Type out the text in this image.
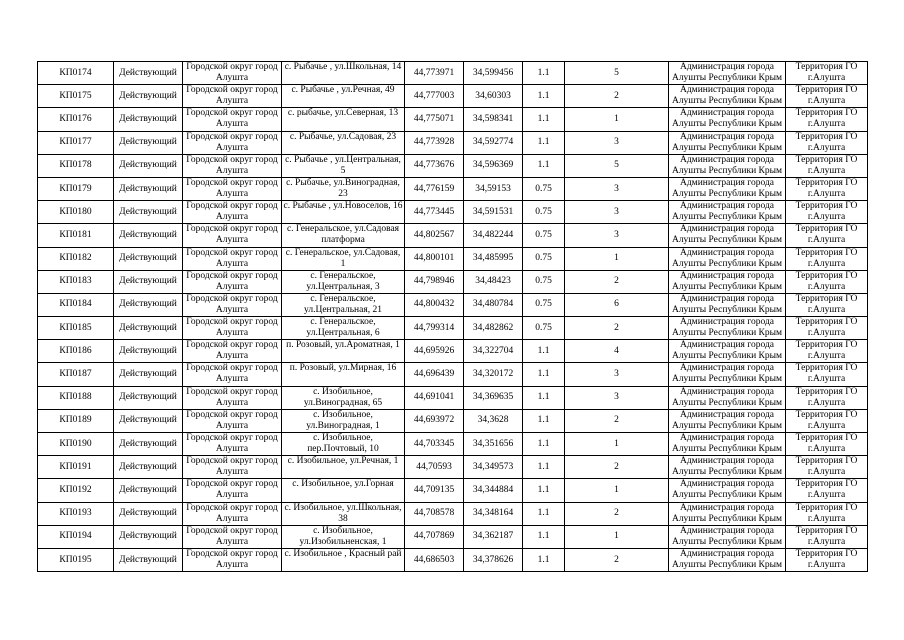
КП0174	Действующий	Городской округ город Алушта	с. Рыбачье , ул.Школьная, 14	44,773971	34,599456	1.1	5	Администрация города Алушты Республики Крым	Территория ГО г.Алушта
КП0175	Действующий	Городской округ город Алушта	с. Рыбачье , ул.Речная, 49	44,777003	34,60303	1.1	2	Администрация города Алушты Республики Крым	Территория ГО г.Алушта
КП0176	Действующий	Городской округ город Алушта	с. рыбачье, ул.Северная, 13	44,775071	34,598341	1.1	1	Администрация города Алушты Республики Крым	Территория ГО г.Алушта
КП0177	Действующий	Городской округ город Алушта	с. Рыбачье, ул.Садовая, 23	44,773928	34,592774	1.1	3	Администрация города Алушты Республики Крым	Территория ГО г.Алушта
КП0178	Действующий	Городской округ город Алушта	с. Рыбачье , ул.Центральная, 5	44,773676	34,596369	1.1	5	Администрация города Алушты Республики Крым	Территория ГО г.Алушта
КП0179	Действующий	Городской округ город Алушта	с. Рыбачье, ул.Виноградная, 23	44,776159	34,59153	0.75	3	Администрация города Алушты Республики Крым	Территория ГО г.Алушта
КП0180	Действующий	Городской округ город Алушта	с. Рыбачье , ул.Новоселов, 16	44,773445	34,591531	0.75	3	Администрация города Алушты Республики Крым	Территория ГО г.Алушта
КП0181	Действующий	Городской округ город Алушта	с. Генеральское, ул.Садовая платформа	44,802567	34,482244	0.75	3	Администрация города Алушты Республики Крым	Территория ГО г.Алушта
КП0182	Действующий	Городской округ город Алушта	с. Генеральское, ул.Садовая, 1	44,800101	34,485995	0.75	1	Администрация города Алушты Республики Крым	Территория ГО г.Алушта
КП0183	Действующий	Городской округ город Алушта	с. Генеральское, ул.Центральная, 3	44,798946	34,48423	0.75	2	Администрация города Алушты Республики Крым	Территория ГО г.Алушта
КП0184	Действующий	Городской округ город Алушта	с. Генеральское, ул.Центральная, 21	44,800432	34,480784	0.75	6	Администрация города Алушты Республики Крым	Территория ГО г.Алушта
КП0185	Действующий	Городской округ город Алушта	с. Генеральское, ул.Центральная, 6	44,799314	34,482862	0.75	2	Администрация города Алушты Республики Крым	Территория ГО г.Алушта
КП0186	Действующий	Городской округ город Алушта	п. Розовый, ул.Ароматная, 1	44,695926	34,322704	1.1	4	Администрация города Алушты Республики Крым	Территория ГО г.Алушта
КП0187	Действующий	Городской округ город Алушта	п. Розовый, ул.Мирная, 16	44,696439	34,320172	1.1	3	Администрация города Алушты Республики Крым	Территория ГО г.Алушта
КП0188	Действующий	Городской округ город Алушта	с. Изобильное, ул.Виноградная, 65	44,691041	34,369635	1.1	3	Администрация города Алушты Республики Крым	Территория ГО г.Алушта
КП0189	Действующий	Городской округ город Алушта	с. Изобильное, ул.Виноградная, 1	44,693972	34,3628	1.1	2	Администрация города Алушты Республики Крым	Территория ГО г.Алушта
КП0190	Действующий	Городской округ город Алушта	с. Изобильное, пер.Почтовый, 10	44,703345	34,351656	1.1	1	Администрация города Алушты Республики Крым	Территория ГО г.Алушта
КП0191	Действующий	Городской округ город Алушта	с. Изобильное, ул.Речная, 1	44,70593	34,349573	1.1	2	Администрация города Алушты Республики Крым	Территория ГО г.Алушта
КП0192	Действующий	Городской округ город Алушта	с. Изобильное, ул.Горная	44,709135	34,344884	1.1	1	Администрация города Алушты Республики Крым	Территория ГО г.Алушта
КП0193	Действующий	Городской округ город Алушта	с. Изобильное, ул.Школьная, 38	44,708578	34,348164	1.1	2	Администрация города Алушты Республики Крым	Территория ГО г.Алушта
КП0194	Действующий	Городской округ город Алушта	с. Изобильное, ул.Изобильненская, 1	44,707869	34,362187	1.1	1	Администрация города Алушты Республики Крым	Территория ГО г.Алушта
КП0195	Действующий	Городской округ город Алушта	с. Изобильное , Красный рай	44,686503	34,378626	1.1	2	Администрация города Алушты Республики Крым	Территория ГО г.Алушта
